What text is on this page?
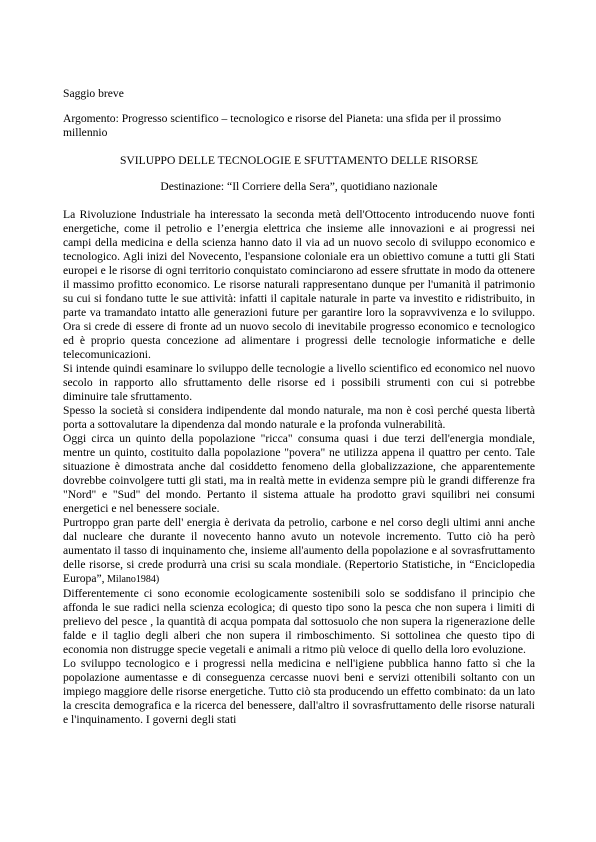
Saggio breve
Argomento: Progresso scientifico – tecnologico e risorse del Pianeta: una sfida per il prossimo millennio
SVILUPPO DELLE TECNOLOGIE E SFUTTAMENTO DELLE RISORSE
Destinazione: “Il Corriere della Sera”, quotidiano nazionale

La Rivoluzione Industriale ha interessato la seconda metà dell'Ottocento introducendo nuove fonti energetiche, come il petrolio e l’energia elettrica che insieme alle innovazioni e ai progressi nei campi della medicina e della scienza hanno dato il via ad un nuovo secolo di sviluppo economico e tecnologico. Agli inizi del Novecento, l'espansione coloniale era un obiettivo comune a tutti gli Stati europei e le risorse di ogni territorio conquistato cominciarono ad essere sfruttate in modo da ottenere il massimo profitto economico. Le risorse naturali rappresentano dunque per l'umanità il patrimonio su cui si fondano tutte le sue attività: infatti il capitale naturale in parte va investito e ridistribuito, in parte va tramandato intatto alle generazioni future per garantire loro la sopravvivenza e lo sviluppo. Ora si crede di essere di fronte ad un nuovo secolo di inevitabile progresso economico e tecnologico ed è proprio questa concezione ad alimentare i progressi delle tecnologie informatiche e delle telecomunicazioni.

Si intende quindi esaminare lo sviluppo delle tecnologie a livello scientifico ed economico nel nuovo secolo in rapporto allo sfruttamento delle risorse ed i possibili strumenti con cui si potrebbe diminuire tale sfruttamento.

Spesso la società si considera indipendente dal mondo naturale, ma non è così perché questa libertà porta a sottovalutare la dipendenza dal mondo naturale e la profonda vulnerabilità.

Oggi circa un quinto della popolazione "ricca" consuma quasi i due terzi dell'energia mondiale, mentre un quinto, costituito dalla popolazione "povera" ne utilizza appena il quattro per cento. Tale situazione è dimostrata anche dal cosiddetto fenomeno della globalizzazione, che apparentemente dovrebbe coinvolgere tutti gli stati, ma in realtà mette in evidenza sempre più le grandi differenze fra "Nord" e "Sud" del mondo. Pertanto il sistema attuale ha prodotto gravi squilibri nei consumi energetici e nel benessere sociale.

Purtroppo gran parte dell' energia è derivata da petrolio, carbone e nel corso degli ultimi anni anche dal nucleare che durante il novecento hanno avuto un notevole incremento. Tutto ciò ha però aumentato il tasso di inquinamento che, insieme all'aumento della popolazione e al sovrasfruttamento delle risorse, si crede produrrà una crisi su scala mondiale. (Repertorio Statistiche, in “Enciclopedia Europa”, Milano1984)

Differentemente ci sono economie ecologicamente sostenibili solo se soddisfano il principio che affonda le sue radici nella scienza ecologica; di questo tipo sono la pesca che non supera i limiti di prelievo del pesce , la quantità di acqua pompata dal sottosuolo che non supera la rigenerazione delle falde e il taglio degli alberi che non supera il rimboschimento. Si sottolinea che questo tipo di economia non distrugge specie vegetali e animali a ritmo più veloce di quello della loro evoluzione.

Lo sviluppo tecnologico e i progressi nella medicina e nell'igiene pubblica hanno fatto sì che la popolazione aumentasse e di conseguenza cercasse nuovi beni e servizi ottenibili soltanto con un impiego maggiore delle risorse energetiche. Tutto ciò sta producendo un effetto combinato: da un lato la crescita demografica e la ricerca del benessere, dall'altro il sovrasfruttamento delle risorse naturali e l'inquinamento. I governi degli stati
